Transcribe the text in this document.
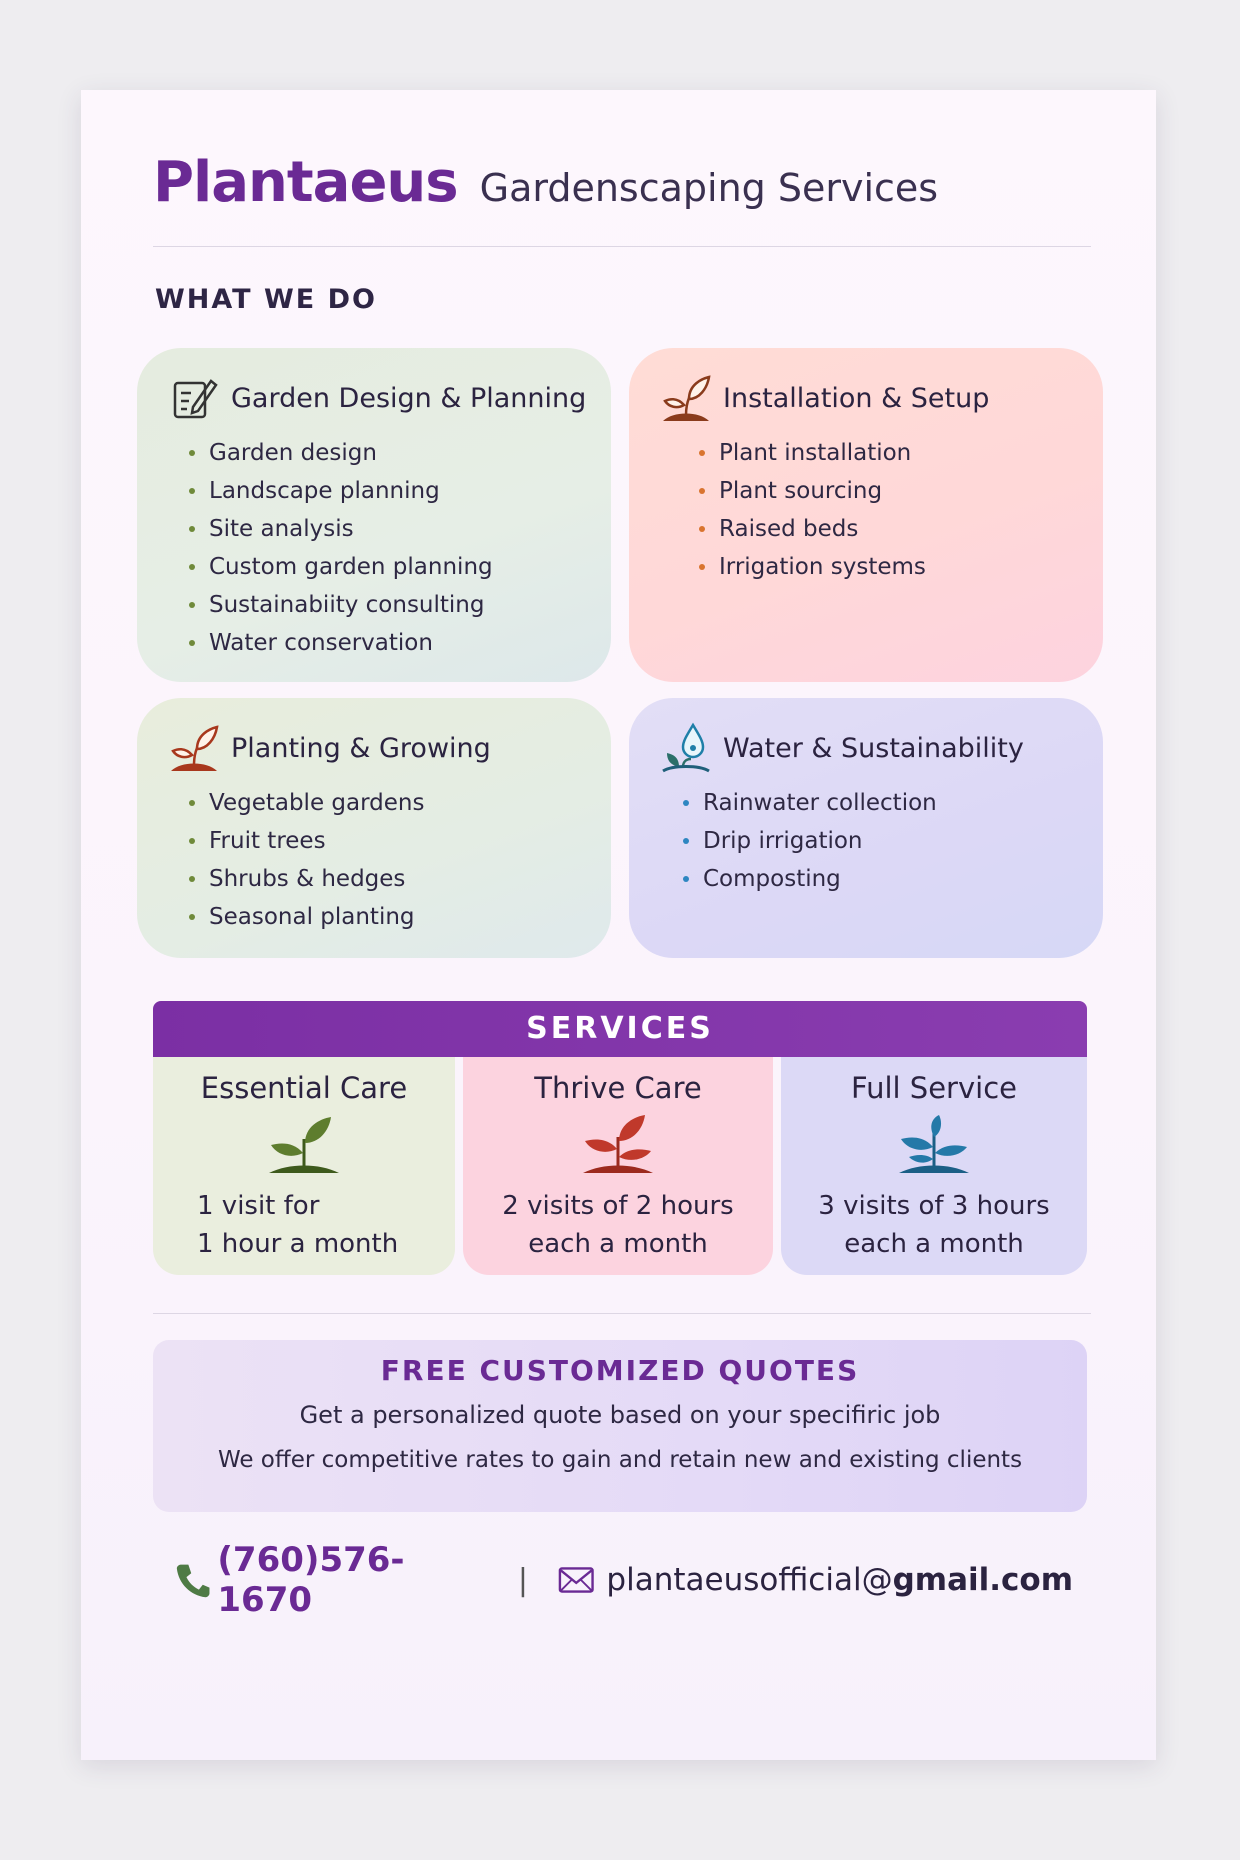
Plantaeus Gardenscaping Services
WHAT WE DO
Garden Design & Planning
Garden design
Landscape planning
Site analysis
Custom garden planning
Sustainabiity consulting
Water conservation
Installation & Setup
Plant installation
Plant sourcing
Raised beds
Irrigation systems
Planting & Growing
Vegetable gardens
Fruit trees
Shrubs & hedges
Seasonal planting
Water & Sustainability
Rainwater collection
Drip irrigation
Composting
SERVICES
Essential Care
1 visit for
1 hour a month
Thrive Care
2 visits of 2 hours
each a month
Full Service
3 visits of 3 hours
each a month
FREE CUSTOMIZED QUOTES
Get a personalized quote based on your specifiric job
We offer competitive rates to gain and retain new and existing clients
(760)576-1670	|	plantaeusofficial@gmail.com
